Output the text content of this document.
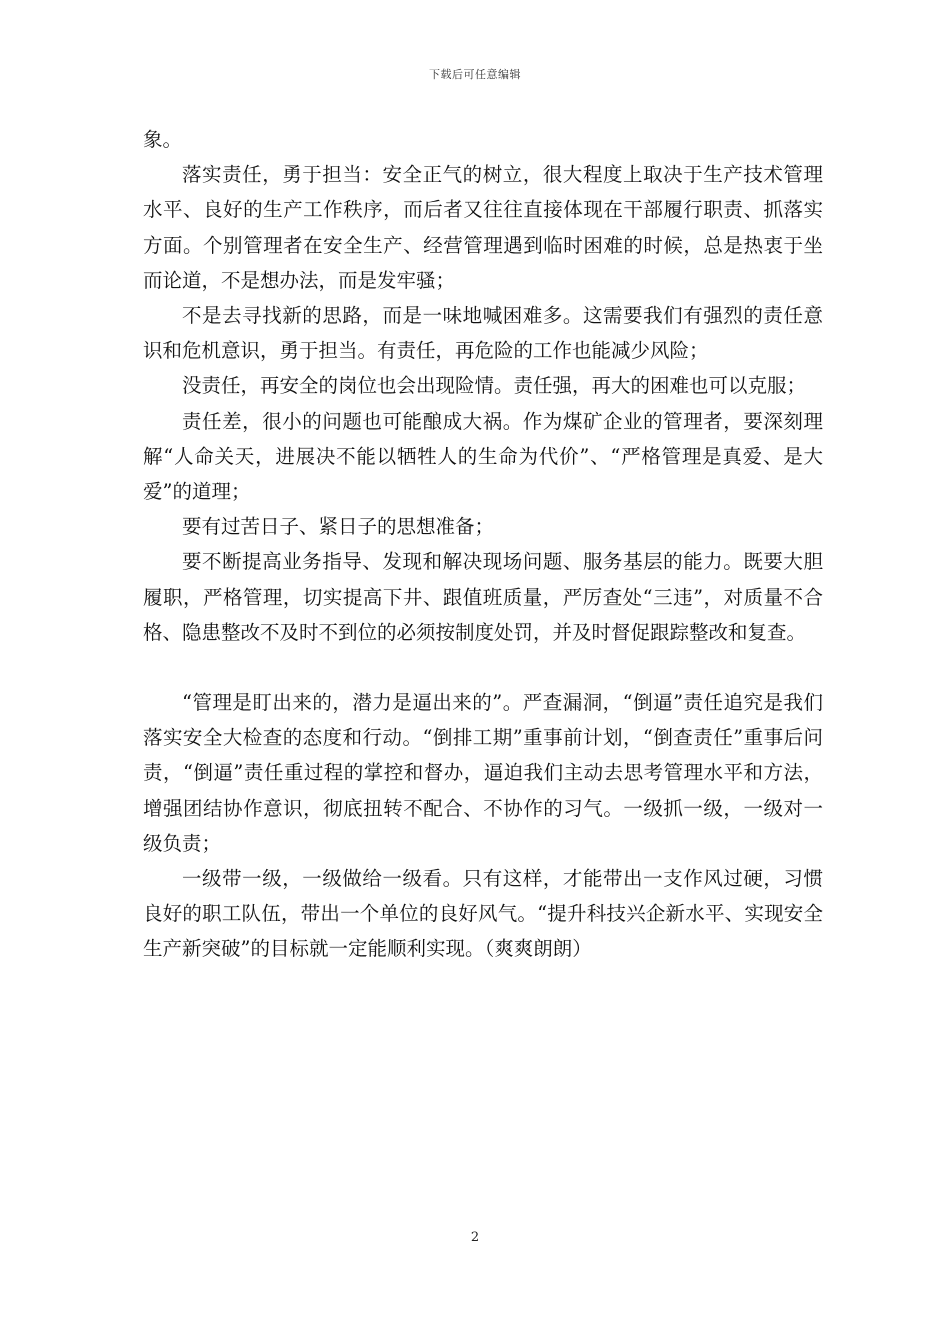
下载后可任意编辑

象。

落实责任，勇于担当：安全正气的树立，很大程度上取决于生产技术管理水平、良好的生产工作秩序，而后者又往往直接体现在干部履行职责、抓落实方面。个别管理者在安全生产、经营管理遇到临时困难的时候，总是热衷于坐而论道，不是想办法，而是发牢骚；

不是去寻找新的思路，而是一味地喊困难多。这需要我们有强烈的责任意识和危机意识，勇于担当。有责任，再危险的工作也能减少风险；

没责任，再安全的岗位也会出现险情。责任强，再大的困难也可以克服；

责任差，很小的问题也可能酿成大祸。作为煤矿企业的管理者，要深刻理解“人命关天，进展决不能以牺牲人的生命为代价”、“严格管理是真爱、是大爱”的道理；

要有过苦日子、紧日子的思想准备；

要不断提高业务指导、发现和解决现场问题、服务基层的能力。既要大胆履职，严格管理，切实提高下井、跟值班质量，严厉查处“三违”，对质量不合格、隐患整改不及时不到位的必须按制度处罚，并及时督促跟踪整改和复查。

“管理是盯出来的，潜力是逼出来的”。严查漏洞，“倒逼”责任追究是我们落实安全大检查的态度和行动。“倒排工期”重事前计划，“倒查责任”重事后问责，“倒逼”责任重过程的掌控和督办，逼迫我们主动去思考管理水平和方法，增强团结协作意识，彻底扭转不配合、不协作的习气。一级抓一级，一级对一级负责；

一级带一级，一级做给一级看。只有这样，才能带出一支作风过硬，习惯良好的职工队伍，带出一个单位的良好风气。“提升科技兴企新水平、实现安全生产新突破”的目标就一定能顺利实现。（爽爽朗朗）

2
